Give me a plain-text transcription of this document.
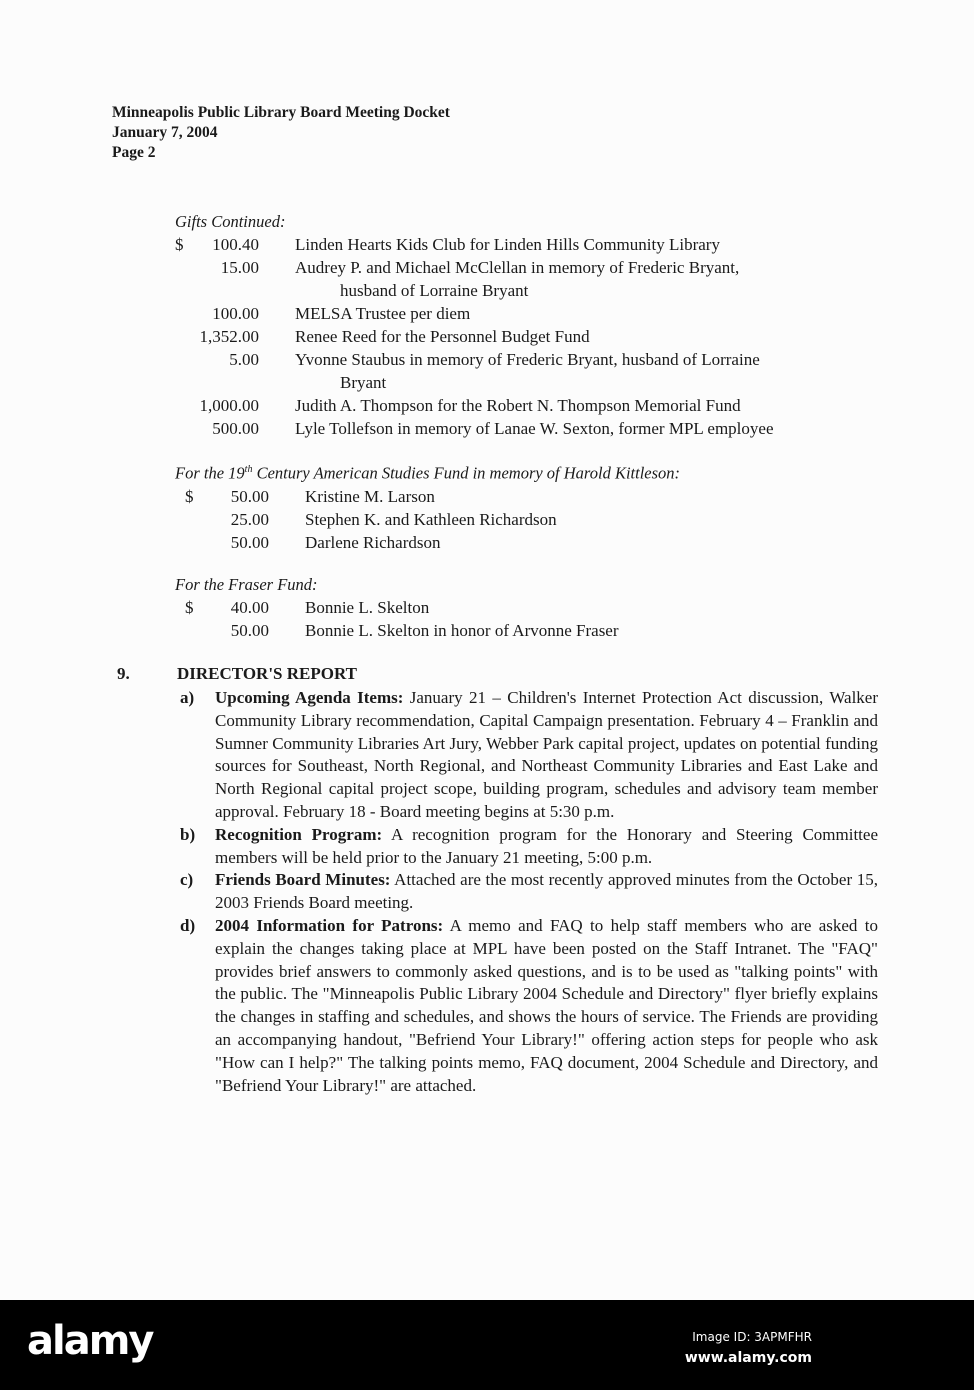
Minneapolis Public Library Board Meeting Docket
January 7, 2004
Page 2
Gifts Continued:
$	100.40 Linden Hearts Kids Club for Linden Hills Community Library
15.00 Audrey P. and Michael McClellan in memory of Frederic Bryant,
husband of Lorraine Bryant
100.00 MELSA Trustee per diem
1,352.00 Renee Reed for the Personnel Budget Fund
5.00 Yvonne Staubus in memory of Frederic Bryant, husband of Lorraine
Bryant
1,000.00 Judith A. Thompson for the Robert N. Thompson Memorial Fund
500.00 Lyle Tollefson in memory of Lanae W. Sexton, former MPL employee
For the 19th Century American Studies Fund in memory of Harold Kittleson:
$	50.00 Kristine M. Larson
25.00 Stephen K. and Kathleen Richardson
50.00 Darlene Richardson
For the Fraser Fund:
$	40.00 Bonnie L. Skelton
50.00 Bonnie L. Skelton in honor of Arvonne Fraser
9.	DIRECTOR'S REPORT
a)	Upcoming Agenda Items: January 21 – Children's Internet Protection Act discussion, Walker Community Library recommendation, Capital Campaign presentation. February 4 – Franklin and Sumner Community Libraries Art Jury, Webber Park capital project, updates on potential funding sources for Southeast, North Regional, and Northeast Community Libraries and East Lake and North Regional capital project scope, building program, schedules and advisory team member approval. February 18 - Board meeting begins at 5:30 p.m.
b)	Recognition Program: A recognition program for the Honorary and Steering Committee members will be held prior to the January 21 meeting, 5:00 p.m.
c)	Friends Board Minutes: Attached are the most recently approved minutes from the October 15, 2003 Friends Board meeting.
d)	2004 Information for Patrons: A memo and FAQ to help staff members who are asked to explain the changes taking place at MPL have been posted on the Staff Intranet. The "FAQ" provides brief answers to commonly asked questions, and is to be used as "talking points" with the public. The "Minneapolis Public Library 2004 Schedule and Directory" flyer briefly explains the changes in staffing and schedules, and shows the hours of service. The Friends are providing an accompanying handout, "Befriend Your Library!" offering action steps for people who ask "How can I help?" The talking points memo, FAQ document, 2004 Schedule and Directory, and "Befriend Your Library!" are attached.
alamy	Image ID: 3APMFHR
www.alamy.com
